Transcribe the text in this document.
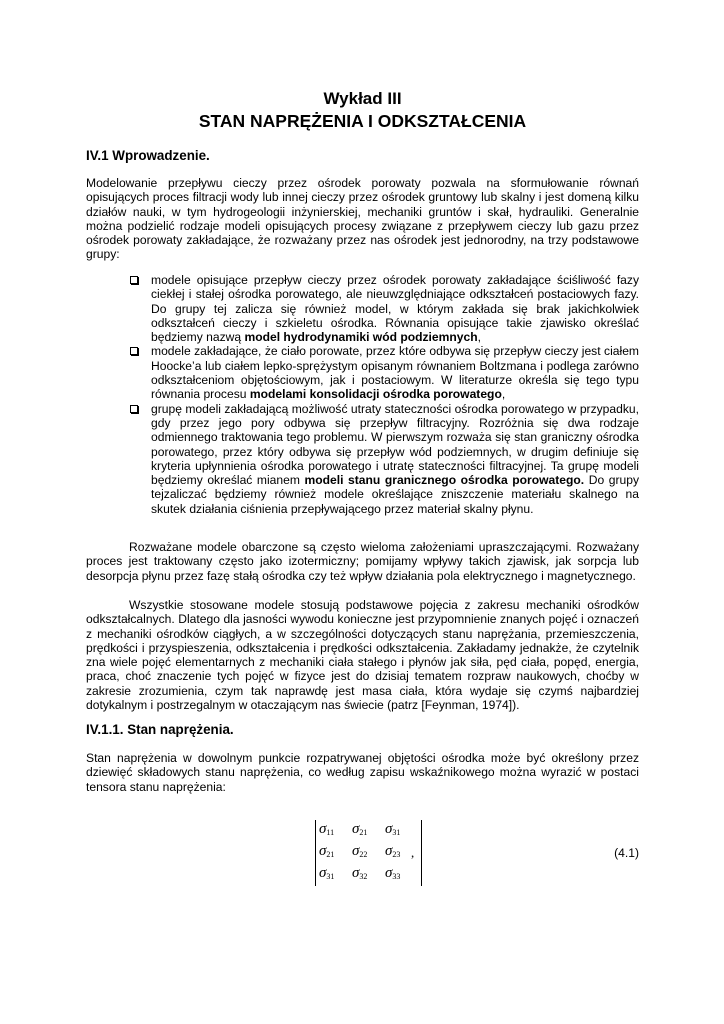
Wykład III
STAN NAPRĘŻENIA I ODKSZTAŁCENIA
IV.1 Wprowadzenie.

Modelowanie przepływu cieczy przez ośrodek porowaty pozwala na sformułowanie równań opisujących proces filtracji wody lub innej cieczy przez ośrodek gruntowy lub skalny i jest domeną kilku działów nauki, w tym hydrogeologii inżynierskiej, mechaniki gruntów i skał, hydrauliki. Generalnie można podzielić rodzaje modeli opisujących procesy związane z przepływem cieczy lub gazu przez ośrodek porowaty zakładające, że rozważany przez nas ośrodek jest jednorodny, na trzy podstawowe grupy:

modele opisujące przepływ cieczy przez ośrodek porowaty zakładające ściśliwość fazy ciekłej i stałej ośrodka porowatego, ale nieuwzględniające odkształceń postaciowych fazy. Do grupy tej zalicza się również model, w którym zakłada się brak jakichkolwiek odkształceń cieczy i szkieletu ośrodka. Równania opisujące takie zjawisko określać będziemy nazwą model hydrodynamiki wód podziemnych,
modele zakładające, że ciało porowate, przez które odbywa się przepływ cieczy jest ciałem Hoocke’a lub ciałem lepko-sprężystym opisanym równaniem Boltzmana i podlega zarówno odkształceniom objętościowym, jak i postaciowym. W literaturze określa się tego typu równania procesu modelami konsolidacji ośrodka porowatego,
grupę modeli zakładającą możliwość utraty stateczności ośrodka porowatego w przypadku, gdy przez jego pory odbywa się przepływ filtracyjny. Rozróżnia się dwa rodzaje odmiennego traktowania tego problemu. W pierwszym rozważa się stan graniczny ośrodka porowatego, przez który odbywa się przepływ wód podziemnych, w drugim definiuje się kryteria upłynnienia ośrodka porowatego i utratę stateczności filtracyjnej. Ta grupę modeli będziemy określać mianem modeli stanu granicznego ośrodka porowatego. Do grupy tejzaliczać będziemy również modele określające zniszczenie materiału skalnego na skutek działania ciśnienia przepływającego przez materiał skalny płynu.

Rozważane modele obarczone są często wieloma założeniami upraszczającymi. Rozważany proces jest traktowany często jako izotermiczny; pomijamy wpływy takich zjawisk, jak sorpcja lub desorpcja płynu przez fazę stałą ośrodka czy też wpływ działania pola elektrycznego i magnetycznego.

Wszystkie stosowane modele stosują podstawowe pojęcia z zakresu mechaniki ośrodków odkształcalnych. Dlatego dla jasności wywodu konieczne jest przypomnienie znanych pojęć i oznaczeń z mechaniki ośrodków ciągłych, a w szczególności dotyczących stanu naprężania, przemieszczenia, prędkości i przyspieszenia, odkształcenia i prędkości odkształcenia. Zakładamy jednakże, że czytelnik zna wiele pojęć elementarnych z mechaniki ciała stałego i płynów jak siła, pęd ciała, popęd, energia, praca, choć znaczenie tych pojęć w fizyce jest do dzisiaj tematem rozpraw naukowych, choćby w zakresie zrozumienia, czym tak naprawdę jest masa ciała, która wydaje się czymś najbardziej dotykalnym i postrzegalnym w otaczającym nas świecie (patrz [Feynman, 1974]).

IV.1.1. Stan naprężenia.

Stan naprężenia w dowolnym punkcie rozpatrywanej objętości ośrodka może być określony przez dziewięć składowych stanu naprężenia, co według zapisu wskaźnikowego można wyrazić w postaci tensora stanu naprężenia:

$\sigma_{11}$	$\sigma_{21}$	$\sigma_{31}$
$\sigma_{21}$	$\sigma_{22}$	$\sigma_{23}$
$\sigma_{31}$	$\sigma_{32}$	$\sigma_{33}$
,	(4.1)
